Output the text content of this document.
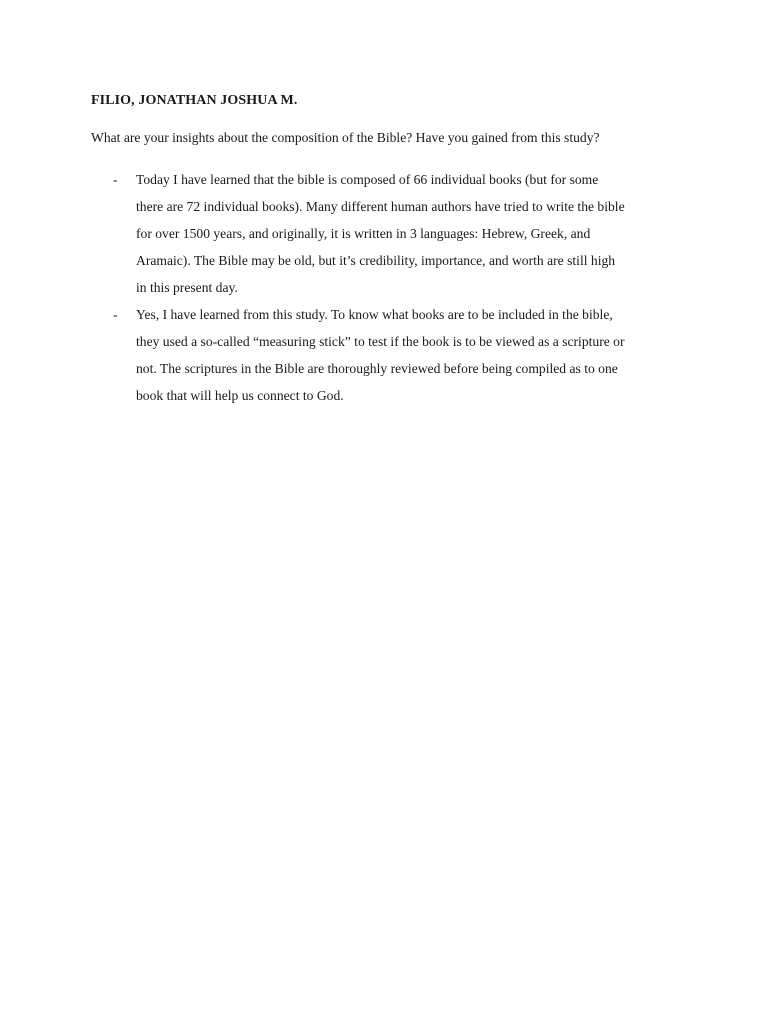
FILIO, JONATHAN JOSHUA M.
What are your insights about the composition of the Bible? Have you gained from this study?
- Today I have learned that the bible is composed of 66 individual books (but for some
there are 72 individual books). Many different human authors have tried to write the bible
for over 1500 years, and originally, it is written in 3 languages: Hebrew, Greek, and
Aramaic). The Bible may be old, but it’s credibility, importance, and worth are still high
in this present day.
- Yes, I have learned from this study. To know what books are to be included in the bible,
they used a so-called “measuring stick” to test if the book is to be viewed as a scripture or
not. The scriptures in the Bible are thoroughly reviewed before being compiled as to one
book that will help us connect to God.
